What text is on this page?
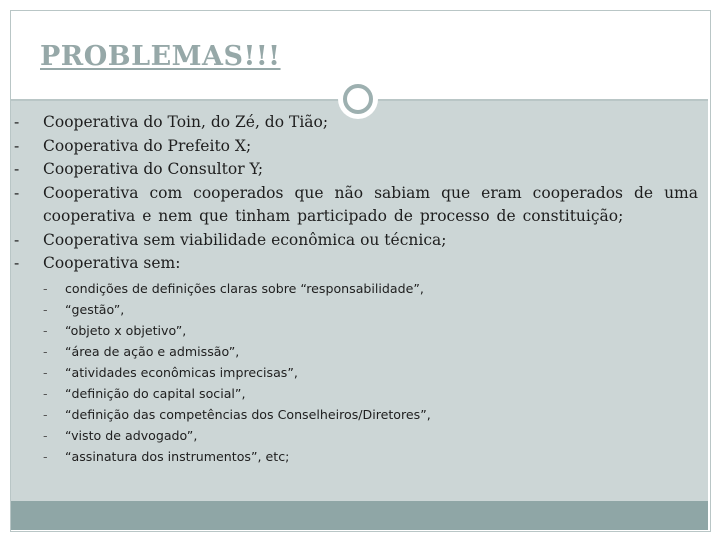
PROBLEMAS!!!
- Cooperativa do Toin, do Zé, do Tião;
- Cooperativa do Prefeito X;
- Cooperativa do Consultor Y;
- Cooperativa com cooperados que não sabiam que eram cooperados de uma cooperativa e nem que tinham participado de processo de constituição;
- Cooperativa sem viabilidade econômica ou técnica;
- Cooperativa sem:
- condições de definições claras sobre “responsabilidade”,
- “gestão”,
- “objeto x objetivo”,
- “área de ação e admissão”,
- “atividades econômicas imprecisas”,
- “definição do capital social”,
- “definição das competências dos Conselheiros/Diretores”,
- “visto de advogado”,
- “assinatura dos instrumentos”, etc;
